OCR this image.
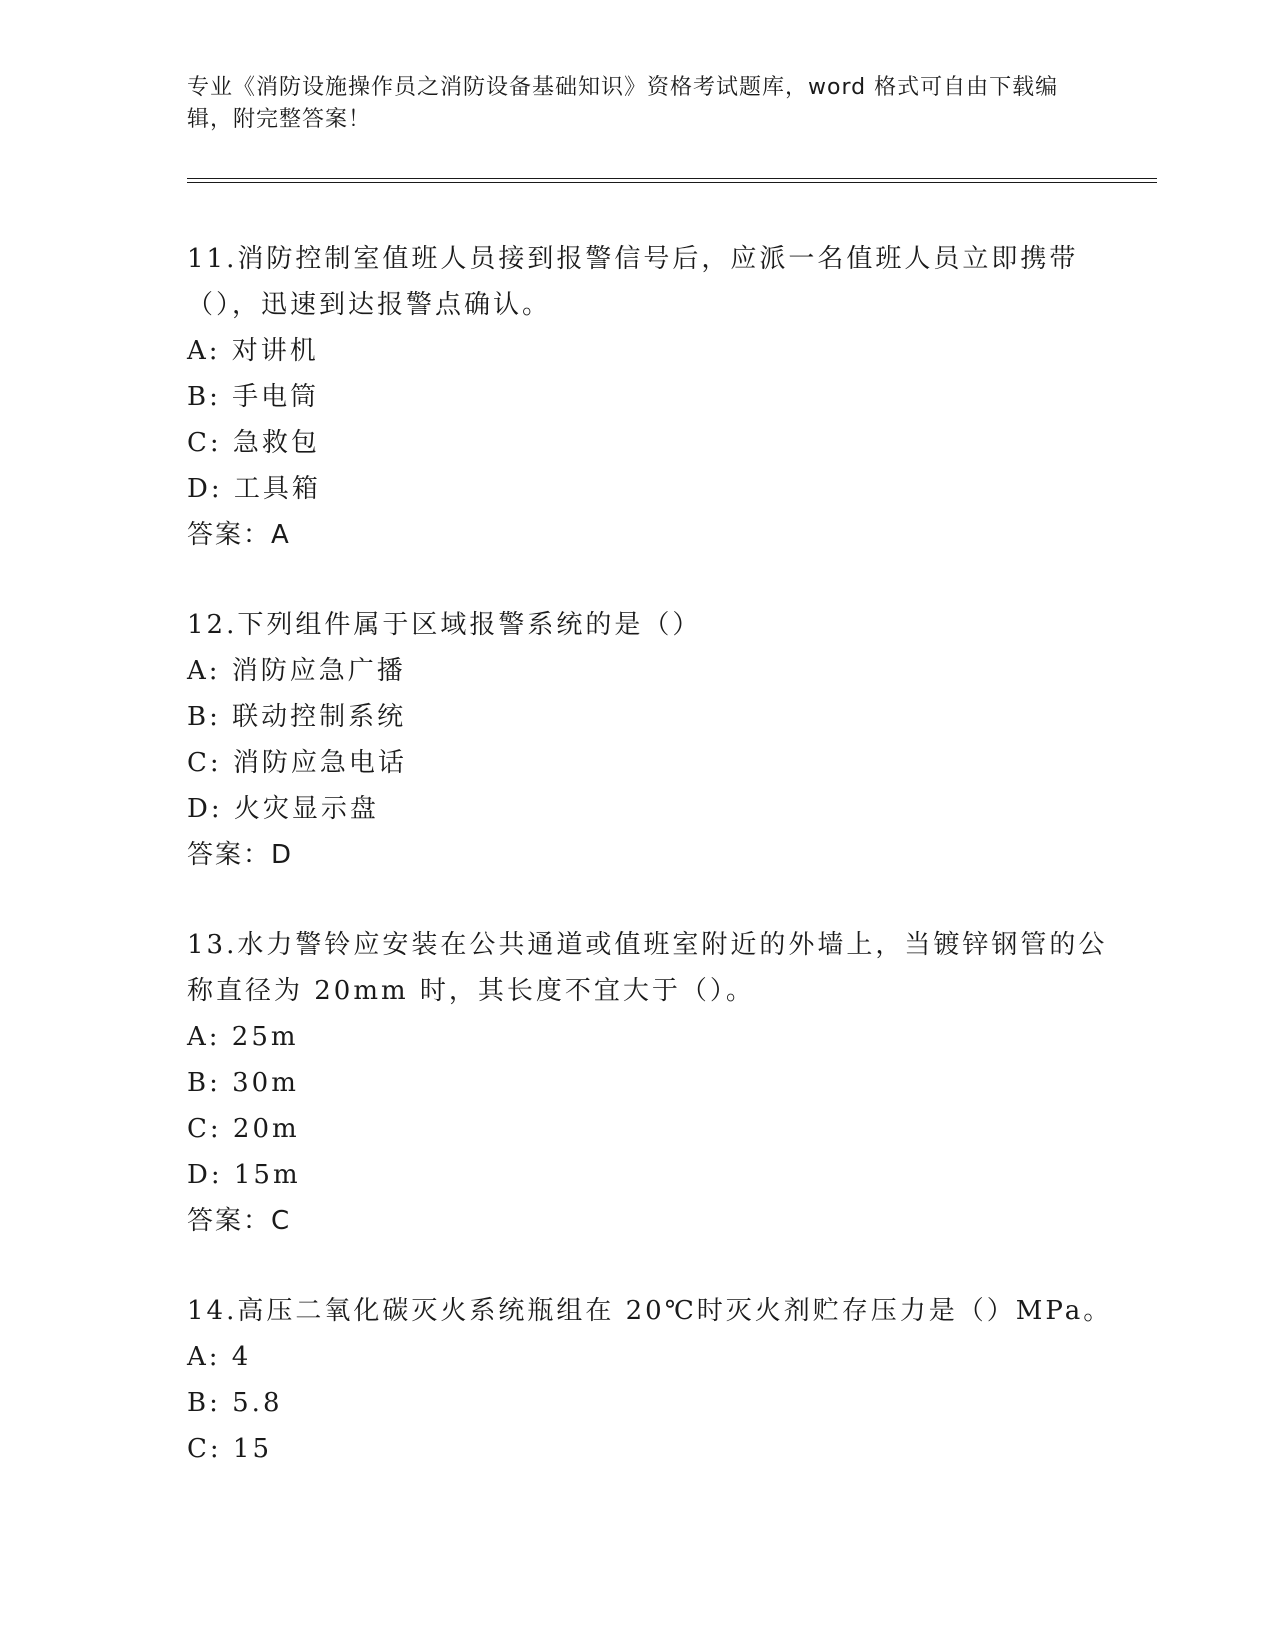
专业《消防设施操作员之消防设备基础知识》资格考试题库，word 格式可自由下载编辑，附完整答案！
11.消防控制室值班人员接到报警信号后，应派一名值班人员立即携带（），迅速到达报警点确认。
A: 对讲机
B: 手电筒
C: 急救包
D: 工具箱
答案：A
12.下列组件属于区域报警系统的是（）
A: 消防应急广播
B: 联动控制系统
C: 消防应急电话
D: 火灾显示盘
答案：D
13.水力警铃应安装在公共通道或值班室附近的外墙上，当镀锌钢管的公称直径为 20mm 时，其长度不宜大于（）。
A: 25m
B: 30m
C: 20m
D: 15m
答案：C
14.高压二氧化碳灭火系统瓶组在 20℃时灭火剂贮存压力是（）MPa。
A: 4
B: 5.8
C: 15
